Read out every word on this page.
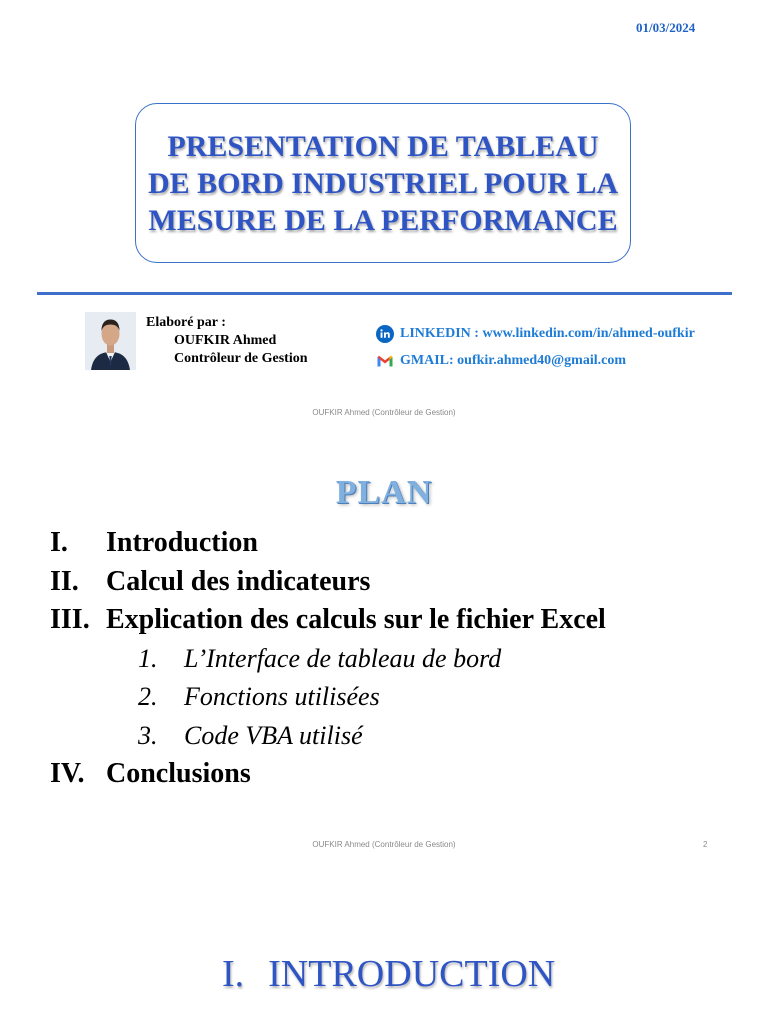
01/03/2024
PRESENTATION DE TABLEAU DE BORD INDUSTRIEL POUR LA MESURE DE LA PERFORMANCE
Elaboré par :
OUFKIR Ahmed
Contrôleur de Gestion
LINKEDIN : www.linkedin.com/in/ahmed-oufkir
GMAIL: oufkir.ahmed40@gmail.com
OUFKIR Ahmed (Contrôleur de Gestion)
PLAN
I.	Introduction
II. Calcul des indicateurs
III. Explication des calculs sur le fichier Excel
1.	L’Interface de tableau de bord
2.	Fonctions utilisées
3.	Code VBA utilisé
IV. Conclusions
OUFKIR Ahmed (Contrôleur de Gestion)	2
I. INTRODUCTION
